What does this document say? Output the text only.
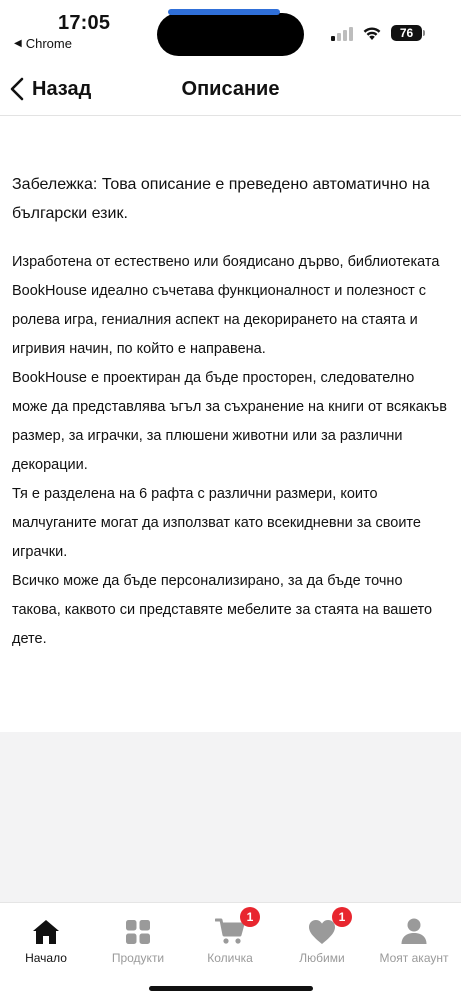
17:05
◀ Chrome
76
Назад	Описание
Забележка: Това описание е преведено автоматично на български език.

Изработена от естествено или боядисано дърво, библиотеката BookHouse идеално съчетава функционалност и полезност с ролева игра, гениалния аспект на декорирането на стаята и игривия начин, по който е направена.

BookHouse е проектиран да бъде просторен, следователно може да представлява ъгъл за съхранение на книги от всякакъв размер, за играчки, за плюшени животни или за различни декорации.

Тя е разделена на 6 рафта с различни размери, които малчуганите могат да използват като всекидневни за своите играчки.

Всичко може да бъде персонализирано, за да бъде точно такова, каквото си представяте мебелите за стаята на вашето дете.

Начало	Продукти
1
Количка
1
Любими	Моят акаунт
